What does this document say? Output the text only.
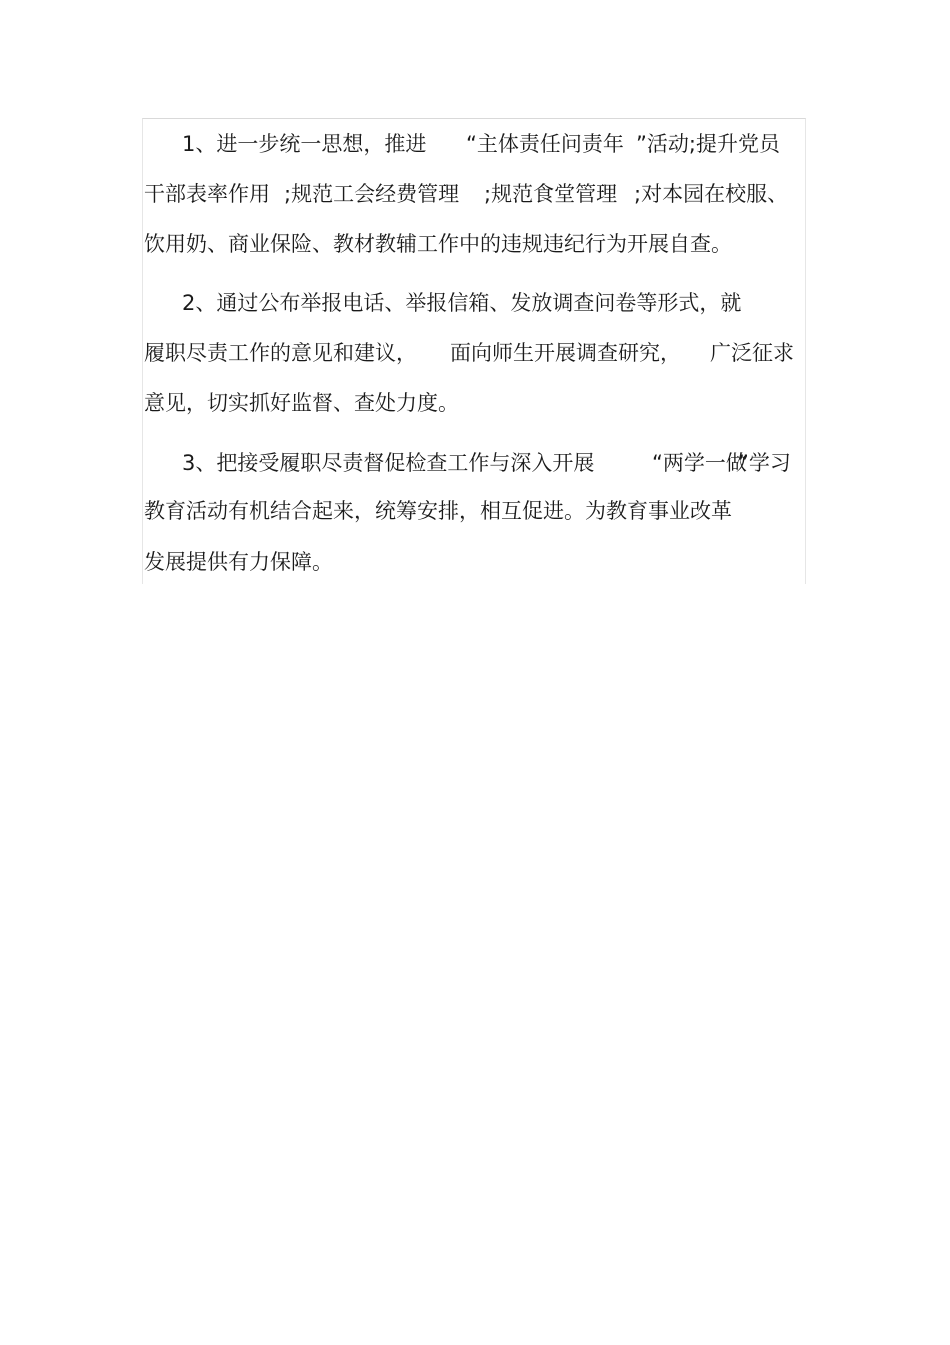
1、进一步统一思想，推进 “主体责任问责年 ”活动;提升党员
干部表率作用 ;规范工会经费管理 ;规范食堂管理 ;对本园在校服、
饮用奶、商业保险、教材教辅工作中的违规违纪行为开展自查。
2、通过公布举报电话、举报信箱、发放调查问卷等形式，就
履职尽责工作的意见和建议， 面向师生开展调查研究， 广泛征求
意见，切实抓好监督、查处力度。
3、把接受履职尽责督促检查工作与深入开展	“两学一做
”学习
教育活动有机结合起来，统筹安排，相互促进。为教育事业改革
发展提供有力保障。
